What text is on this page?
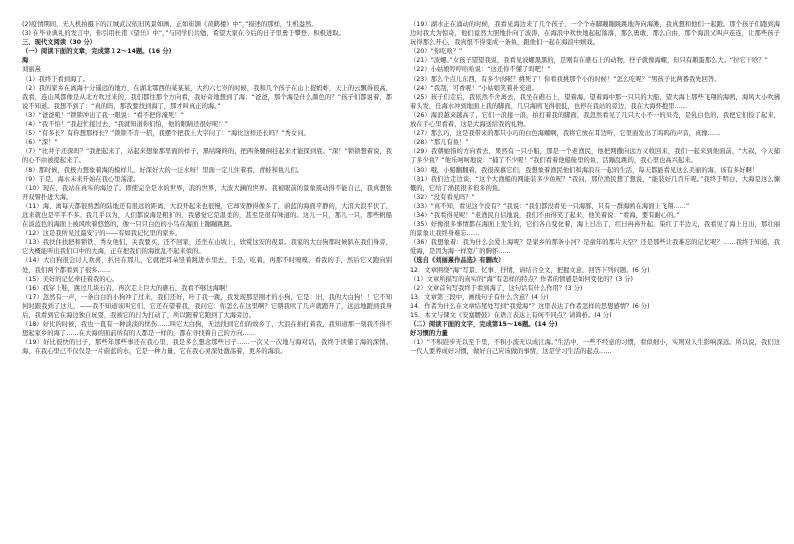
(2)疫情期间，无人机拍摄下的江城武汉依旧风景如画，正如崔颢《黄鹤楼》中“，”描述的那样，生机盎然。

(3) 在毕业典礼的发言中，你引用杜甫《望岳》中“，”与同学们共勉，希望大家在今后的日子里勇于攀登、积极进取。

三、现代文阅读（30 分）

（一）阅读下面的文章，完成第１2～14题。(16 分)

海

刘丽熹

（1）我终于看到海了。

（2）我的家乡在离海十分遥远的地方，在湖北鄂西的某某某，大约六七岁的时候，我和几个孩子在山上捉蚂蚱，天上的云飘得很高，我看，连山风都像是从北方吹过来的，我们都往那个方向看，我好奇地想到了海：“爸爸，那个海是什么颜色的？”孩子们都说着，都说不知道。我想不到了：“真的吗，那我要找到海了，那才叫真正的海。”

（3）“爸爸吼！”锁锁冲出了我一眼说：“看不把你淹死！”

（4）“我不怕！”我赶忙接过去，“我就知道你们怕，他的眼睛还很好呢！”

（5）“有多长？有你想那样长？”锁锁不肯一招，我摆个把我上大字问了：“海比这样还长吗？”秀女问。

（6）“深！”

（7）“比井子还深吗？”我把起来了，站起来想象那里面的样子，黑咕隆咚的，把两条腿倒挂起来才能探到底。“深！”锁锁想着说，我的心不由被提起来了。

（8）那时候，我极力想象着海的模样儿，好深好大的一汪水呀！里面一定儿住着看，青蛙和鱼儿们。

（9）于是，海水未来开始在我心里荡漾。

（10）现在，我站在真实的海边了。即使完全是水的世界，浪的世界，大波大澜的世界。我被眼前的景象震动得不能自已，我真想张开双臂扑进大海。

（11）海，离每天都很熟悉的陆地还有很远的距离，大浪开起来也很慢，它却安静得像多了，蔚蓝的海面平静的，大浪大浪平伏了，远来就也是平平不多。我几乎以为，人们都说海是粗犷的，我感觉它是温柔的，甚至是很有味道的。这儿一只，那儿一只，那些帆船在淡蓝色的海面上被风吹着悠悠的，像一只只白色的小鸟在海面上蹦蹦跳跳。

（12）这是我所见过最安宁的——有如我记忆里的家乡。

（13）我扶住扶把和锁铁、秀女他们，关我要买，还不回家，还坐在山坡上，欣赏这安的夜景。我家的大白狗那时候趴在我们身旁，它大概能听出我们口中的大海，正在把我们的海扰乱不起来似的。

（14）大白狗很会讨人欢喜，扒住在那儿，它就把耳朵竖着跳进水里去，于是，吃着，再那不时嗅嗅，看我的手，然后它又跑向别处，我们两个都看到了很多……

（15）美好的记忆牵挂着我的心。

（16）我穿上鞋，跳过几块石岩，再次走上巨大的礁石，我看不够这海啊！

（17）忽然有一声，一条白白的小狗冲了过来，我们还好，叶了我一跳，我发现那是刚才的小狗，它是：旧，我的大白狗！！它不知何时跟我到了这儿，——我不知道该叫它们，它还在望着我，我问它：你怎么在这里啊？它朝我吠了几声就跑开了，远远地跑到我身后，我看到它在海边独自玩耍，我被它的行为打动了，所以跟着它跑到了大海旁边。

（18）好比的时候，我也一直有一种淡淡的忧伤……叫它大白狗，无法找到它们的故乡了，大浪在拍打着我，我知道那一刻我不得不想起家乡的海了……在大海的面前所有的人都是一样的，都在寻找着自己的方向……

（19）好比很快的日子，那些年那些事还在我心里，我是多么想念那些日子……一次又一次地与海对话，我终于读懂了海的深情。海，在我心里已不仅仅是一片蔚蓝的水，它是一种力量，它在我心灵深处激荡着，更多的海浪。

（19）湖水正在涌动的时候，我看见海边来了几个孩子，一个个赤脚蹦蹦跳跳地奔向海滩，我真想和他们一起跑。那个孩子们跑到海边时我大为惊奇，他们竟然大胆地扑向了波涛，在海浪中欢快地起起落落，那么勇敢，那么自由，那个海浪又叫声连连，让那些孩子玩得那么开心，我真恨不得变成一条鱼，跟他们一起在海浪中嬉戏。

（20）“你吃啥？”

（21）“波螺。”女孩子望望我说，我看见波螺黑黑的，是刚有在礁石上的动物，抒子就像海螺，但只有鹅蛋那么大。“拉它干啥？”

（22）小姑娘哼哼哈哈说：“这还你不懂了吗吧！”

（23）那么个点儿东西，有多少肉呢？挑死了！你看我挑那个小的时候！“怎么吃呢？”男孩子比两番我先回答。

（24）“我刮，可香呢！”小姑娘笑着补充道。

（25）孩子们走后，我依然不舍离去，我坐在礁石上，望着海，望着海中那一只只的大船，望大海上那些飞翔的海鸥，海风大小吹拂着头发，任海水冲到地面上我的脚面，几只海鸥飞得很低，也停在我站的旁边，我在大海怀抱里……

（26）海浪越来越高了，它们一浪接一浪，拍打着我的脚面，我忽然看见了几只大小不一的贝壳，是乳白色的，我把它们捡了起来，放在手心里看着，这是大海送给我的礼物。

（27）那么巧，这是我带来的那只小巧的白色海螺啊，我将它放在耳边听，它里面发出了呜呜的声音，真像……

（28）“那儿有鱼！”

（29）我朝她指的方向看去，果然有一只小船，那是一个老渔民，他把网撒向远方又收回来，我们一起来到他面前，“大叔，今天捕了多少鱼？”他乐呵呵地说：“捕了不少呢！”我们看着他船舱里的鱼，活蹦乱跳的，我心里也高兴起来。

（30）哦，小船翻翻着，我很羡慕它们，我想象着渔民他们和海浪在一起的生活，每天都能看见这么美丽的海，该有多好啊！

（31）我们边走边谈，“这个大渔船的网能装多少鱼呢？”我问，那位渔民想了想说，“能装好几百斤呢。”我终于明白，大海是这么慷慨的，它给了渔民很多很多的鱼。

（32）“没有看见吗？”

（33）“真不知，看见这个没有？”我说：“我们都没看见一只海豚，只有一群海鸥在海面上飞翔……”

（34）“我看得见呢！”老渔民自信地说，我们不由得笑了起来，他笑着说：“看海，要有耐心的。”

（35）好像很多事情都在海面上发生的，它们各自变化着，海上日出了，红日冉冉升起，染红了半边天，我看见了海上日出，那壮丽的景象让我终身难忘……

（36）我想象着：我为什么会爱上海呢？是家乡的那条小河？是童年的那片天空？还是那些让我难忘的记忆呢？……我终于知道，我爱海，是因为海一样宽广的胸怀……

（选自《刘丽熹作品选》有删改）

12．文章围绕“海”写景、忆事、抒情，请结合全文，把握文意，回答下列问题。(6 分)

（1）文章所描写的真实的“海”有怎样的特点？作者的情感是如何变化的？(3 分)

（2）文章首句写我终于看到海了，这句话有什么作用？(3 分)

13．文章第三段中，画线句子有什么含意？(4 分)

14．作者为什么在文章结尾处写到“我爱海”？这里表达了作者怎样的思想感情？(6 分)

15．本文与课文《安塞腰鼓》在语言表达上有何不同点？请简析。(4 分)

（二）阅读下面的文字，完成第15～16题。(14 分)

好习惯的力量

（1）“不积跬步无以至千里，不积小流无以成江海。”生活中，一些不经意的习惯，看似细小，实则对人生影响深远。所以说，我们这一代人要养成好习惯，做好自己应该做的事情，这是学习生活的起点……
